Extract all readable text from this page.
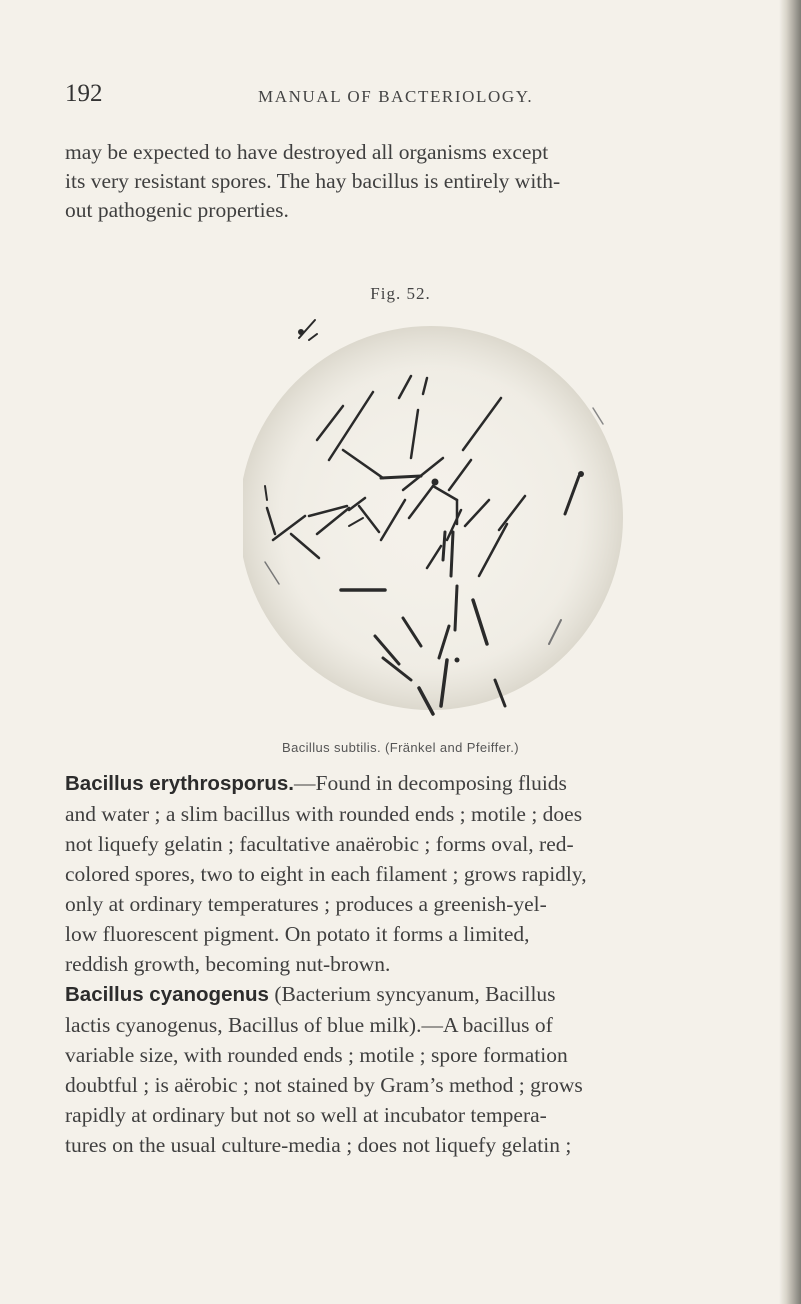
192	MANUAL OF BACTERIOLOGY.
may be expected to have destroyed all organisms except
its very resistant spores. The hay bacillus is entirely with-
out pathogenic properties.
Fig. 52.
Bacillus subtilis. (Fränkel and Pfeiffer.)
Bacillus erythrosporus.—Found in decomposing fluids
and water ; a slim bacillus with rounded ends ; motile ; does
not liquefy gelatin ; facultative anaërobic ; forms oval, red-
colored spores, two to eight in each filament ; grows rapidly,
only at ordinary temperatures ; produces a greenish-yel-
low fluorescent pigment. On potato it forms a limited,
reddish growth, becoming nut-brown.
Bacillus cyanogenus (Bacterium syncyanum, Bacillus
lactis cyanogenus, Bacillus of blue milk).—A bacillus of
variable size, with rounded ends ; motile ; spore formation
doubtful ; is aërobic ; not stained by Gram’s method ; grows
rapidly at ordinary but not so well at incubator tempera-
tures on the usual culture-media ; does not liquefy gelatin ;
